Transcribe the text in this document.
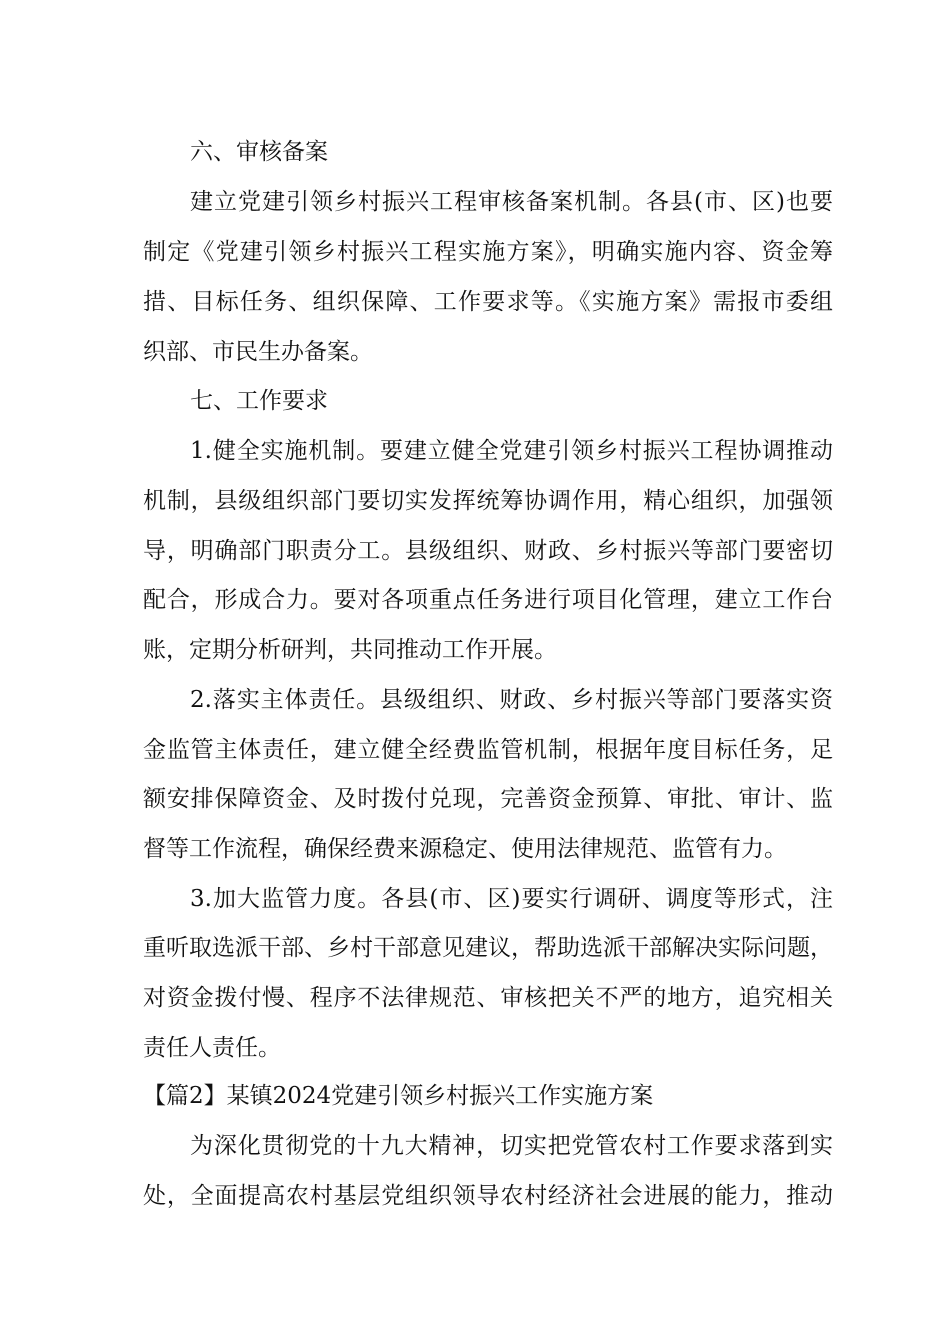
六、审核备案
建立党建引领乡村振兴工程审核备案机制。各县(市、区)也要
制定《党建引领乡村振兴工程实施方案》，明确实施内容、资金筹
措、目标任务、组织保障、工作要求等。《实施方案》需报市委组
织部、市民生办备案。
七、工作要求
1.健全实施机制。要建立健全党建引领乡村振兴工程协调推动
机制，县级组织部门要切实发挥统筹协调作用，精心组织，加强领
导，明确部门职责分工。县级组织、财政、乡村振兴等部门要密切
配合，形成合力。要对各项重点任务进行项目化管理，建立工作台
账，定期分析研判，共同推动工作开展。
2.落实主体责任。县级组织、财政、乡村振兴等部门要落实资
金监管主体责任，建立健全经费监管机制，根据年度目标任务，足
额安排保障资金、及时拨付兑现，完善资金预算、审批、审计、监
督等工作流程，确保经费来源稳定、使用法律规范、监管有力。
3.加大监管力度。各县(市、区)要实行调研、调度等形式，注
重听取选派干部、乡村干部意见建议，帮助选派干部解决实际问题，
对资金拨付慢、程序不法律规范、审核把关不严的地方，追究相关
责任人责任。
【篇2】某镇2024党建引领乡村振兴工作实施方案
为深化贯彻党的十九大精神，切实把党管农村工作要求落到实
处，全面提高农村基层党组织领导农村经济社会进展的能力，推动
